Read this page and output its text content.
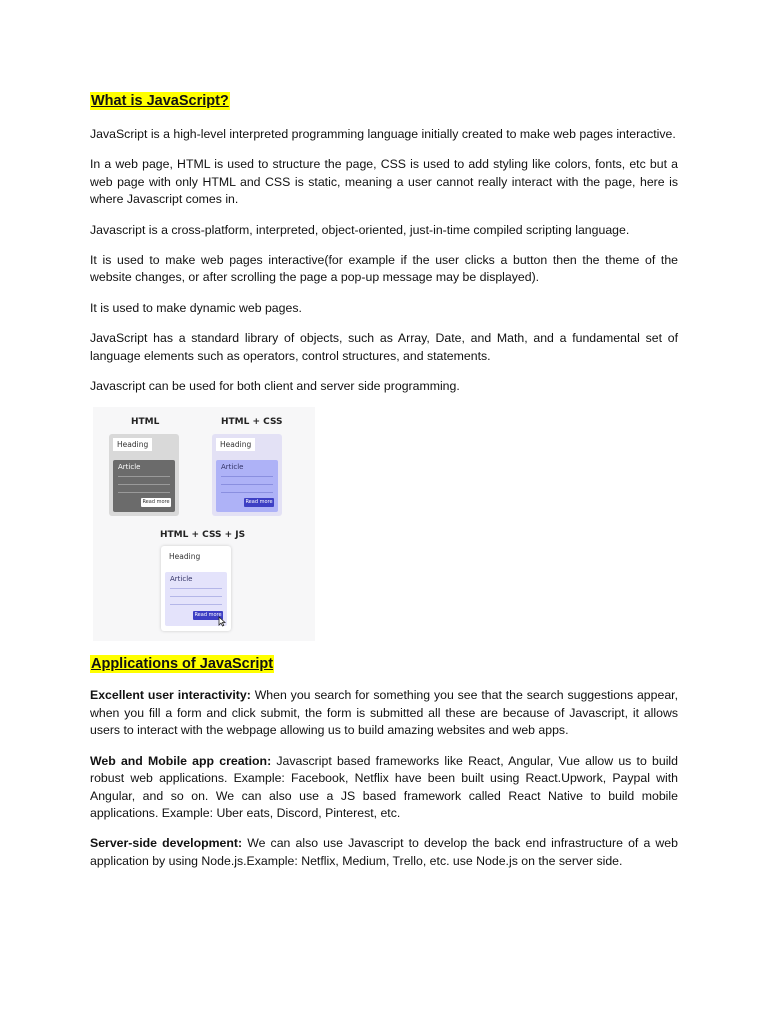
What is JavaScript?

JavaScript is a high-level interpreted programming language initially created to make web pages interactive.

In a web page, HTML is used to structure the page, CSS is used to add styling like colors, fonts, etc but a web page with only HTML and CSS is static, meaning a user cannot really interact with the page, here is where Javascript comes in.

Javascript is a cross-platform, interpreted, object-oriented, just-in-time compiled scripting language.

It is used to make web pages interactive(for example if the user clicks a button then the theme of the website changes, or after scrolling the page a pop-up message may be displayed).

It is used to make dynamic web pages.

JavaScript has a standard library of objects, such as Array, Date, and Math, and a fundamental set of language elements such as operators, control structures, and statements.

Javascript can be used for both client and server side programming.

HTML
Heading
Article
Read more
HTML + CSS
Heading
Article
Read more
HTML + CSS + JS
Heading
Article
Read more
Applications of JavaScript

Excellent user interactivity: When you search for something you see that the search suggestions appear, when you fill a form and click submit, the form is submitted all these are because of Javascript, it allows users to interact with the webpage allowing us to build amazing websites and web apps.

Web and Mobile app creation: Javascript based frameworks like React, Angular, Vue allow us to build robust web applications. Example: Facebook, Netflix have been built using React.Upwork, Paypal with Angular, and so on. We can also use a JS based framework called React Native to build mobile applications. Example: Uber eats, Discord, Pinterest, etc.

Server-side development: We can also use Javascript to develop the back end infrastructure of a web application by using Node.js.Example: Netflix, Medium, Trello, etc. use Node.js on the server side.
